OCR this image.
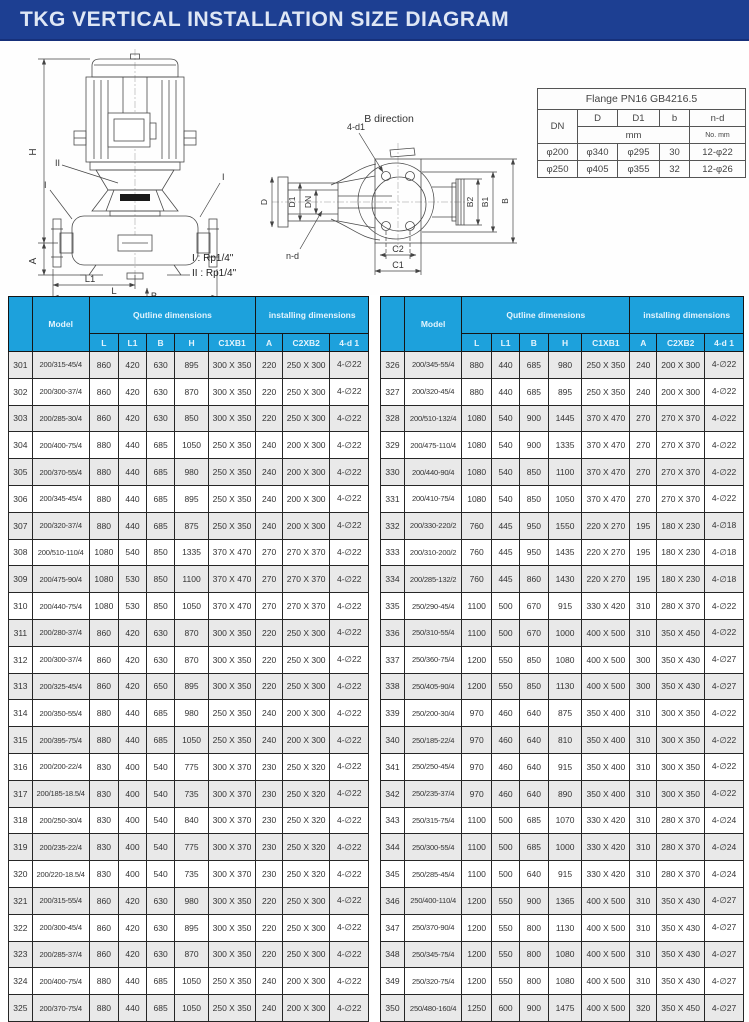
TKG VERTICAL INSTALLATION SIZE DIAGRAM
H
A
L1
L
II
I
I
I : Rp1/4"
II : Rp1/4"
B direction
D D1 DN
4-d1
n-d
B2 B1 B
C2
C1
Flange PN16 GB4216.5				
DN	D	D1	b	n-d
	mm			No. mm
φ200	φ340	φ295	30	12-φ22
φ250	φ405	φ355	32	12-φ26
	Model	Qutline dimensions					installing dimensions		
		L	L1	B	H	C1XB1	A	C2XB2	4-d 1
301	200/315-45/4	860	420	630	895	300 X 350	220	250 X 300	4-∅22
302	200/300-37/4	860	420	630	870	300 X 350	220	250 X 300	4-∅22
303	200/285-30/4	860	420	630	850	300 X 350	220	250 X 300	4-∅22
304	200/400-75/4	880	440	685	1050	250 X 350	240	200 X 300	4-∅22
305	200/370-55/4	880	440	685	980	250 X 350	240	200 X 300	4-∅22
306	200/345-45/4	880	440	685	895	250 X 350	240	200 X 300	4-∅22
307	200/320-37/4	880	440	685	875	250 X 350	240	200 X 300	4-∅22
308	200/510-110/4	1080	540	850	1335	370 X 470	270	270 X 370	4-∅22
309	200/475-90/4	1080	530	850	1100	370 X 470	270	270 X 370	4-∅22
310	200/440-75/4	1080	530	850	1050	370 X 470	270	270 X 370	4-∅22
311	200/280-37/4	860	420	630	870	300 X 350	220	250 X 300	4-∅22
312	200/300-37/4	860	420	630	870	300 X 350	220	250 X 300	4-∅22
313	200/325-45/4	860	420	650	895	300 X 350	220	250 X 300	4-∅22
314	200/350-55/4	880	440	685	980	250 X 350	240	200 X 300	4-∅22
315	200/395-75/4	880	440	685	1050	250 X 350	240	200 X 300	4-∅22
316	200/200-22/4	830	400	540	775	300 X 370	230	250 X 320	4-∅22
317	200/185-18.5/4	830	400	540	735	300 X 370	230	250 X 320	4-∅22
318	200/250-30/4	830	400	540	840	300 X 370	230	250 X 320	4-∅22
319	200/235-22/4	830	400	540	775	300 X 370	230	250 X 320	4-∅22
320	200/220-18.5/4	830	400	540	735	300 X 370	230	250 X 320	4-∅22
321	200/315-55/4	860	420	630	980	300 X 350	220	250 X 300	4-∅22
322	200/300-45/4	860	420	630	895	300 X 350	220	250 X 300	4-∅22
323	200/285-37/4	860	420	630	870	300 X 350	220	250 X 300	4-∅22
324	200/400-75/4	880	440	685	1050	250 X 350	240	200 X 300	4-∅22
325	200/370-75/4	880	440	685	1050	250 X 350	240	200 X 300	4-∅22
	Model	Qutline dimensions					installing dimensions		
		L	L1	B	H	C1XB1	A	C2XB2	4-d 1
326	200/345-55/4	880	440	685	980	250 X 350	240	200 X 300	4-∅22
327	200/320-45/4	880	440	685	895	250 X 350	240	200 X 300	4-∅22
328	200/510-132/4	1080	540	900	1445	370 X 470	270	270 X 370	4-∅22
329	200/475-110/4	1080	540	900	1335	370 X 470	270	270 X 370	4-∅22
330	200/440-90/4	1080	540	850	1100	370 X 470	270	270 X 370	4-∅22
331	200/410-75/4	1080	540	850	1050	370 X 470	270	270 X 370	4-∅22
332	200/330-220/2	760	445	950	1550	220 X 270	195	180 X 230	4-∅18
333	200/310-200/2	760	445	950	1435	220 X 270	195	180 X 230	4-∅18
334	200/285-132/2	760	445	860	1430	220 X 270	195	180 X 230	4-∅18
335	250/290-45/4	1100	500	670	915	330 X 420	310	280 X 370	4-∅22
336	250/310-55/4	1100	500	670	1000	400 X 500	310	350 X 450	4-∅22
337	250/360-75/4	1200	550	850	1080	400 X 500	300	350 X 430	4-∅27
338	250/405-90/4	1200	550	850	1130	400 X 500	300	350 X 430	4-∅27
339	250/200-30/4	970	460	640	875	350 X 400	310	300 X 350	4-∅22
340	250/185-22/4	970	460	640	810	350 X 400	310	300 X 350	4-∅22
341	250/250-45/4	970	460	640	915	350 X 400	310	300 X 350	4-∅22
342	250/235-37/4	970	460	640	890	350 X 400	310	300 X 350	4-∅22
343	250/315-75/4	1100	500	685	1070	330 X 420	310	280 X 370	4-∅24
344	250/300-55/4	1100	500	685	1000	330 X 420	310	280 X 370	4-∅24
345	250/285-45/4	1100	500	640	915	330 X 420	310	280 X 370	4-∅24
346	250/400-110/4	1200	550	900	1365	400 X 500	310	350 X 430	4-∅27
347	250/370-90/4	1200	550	800	1130	400 X 500	310	350 X 430	4-∅27
348	250/345-75/4	1200	550	800	1080	400 X 500	310	350 X 430	4-∅27
349	250/320-75/4	1200	550	800	1080	400 X 500	310	350 X 430	4-∅27
350	250/480-160/4	1250	600	900	1475	400 X 500	320	350 X 450	4-∅27
